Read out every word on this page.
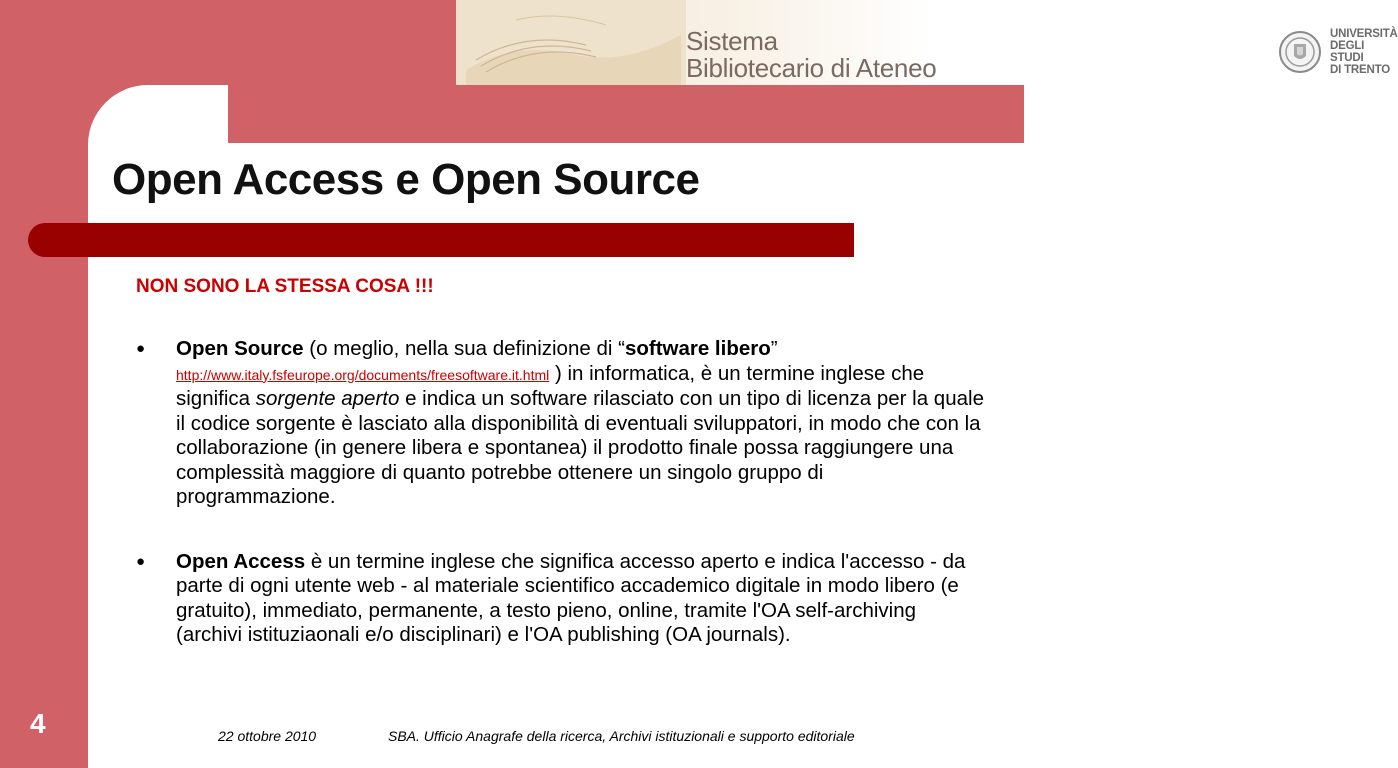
Sistema
Bibliotecario di Ateneo
UNIVERSITÀ DEGLI STUDI
DI TRENTO
Open Access e Open Source
NON SONO LA STESSA COSA !!!
● Open Source (o meglio, nella sua definizione di “software libero” http://www.italy.fsfeurope.org/documents/freesoftware.it.html ) in informatica, è un termine inglese che significa sorgente aperto e indica un software rilasciato con un tipo di licenza per la quale il codice sorgente è lasciato alla disponibilità di eventuali sviluppatori, in modo che con la collaborazione (in genere libera e spontanea) il prodotto finale possa raggiungere una complessità maggiore di quanto potrebbe ottenere un singolo gruppo di programmazione.
● Open Access è un termine inglese che significa accesso aperto e indica l'accesso - da parte di ogni utente web - al materiale scientifico accademico digitale in modo libero (e gratuito), immediato, permanente, a testo pieno, online, tramite l'OA self-archiving (archivi istituziaonali e/o disciplinari) e l'OA publishing (OA journals).
4	22 ottobre 2010	SBA. Ufficio Anagrafe della ricerca, Archivi istituzionali e supporto editoriale
